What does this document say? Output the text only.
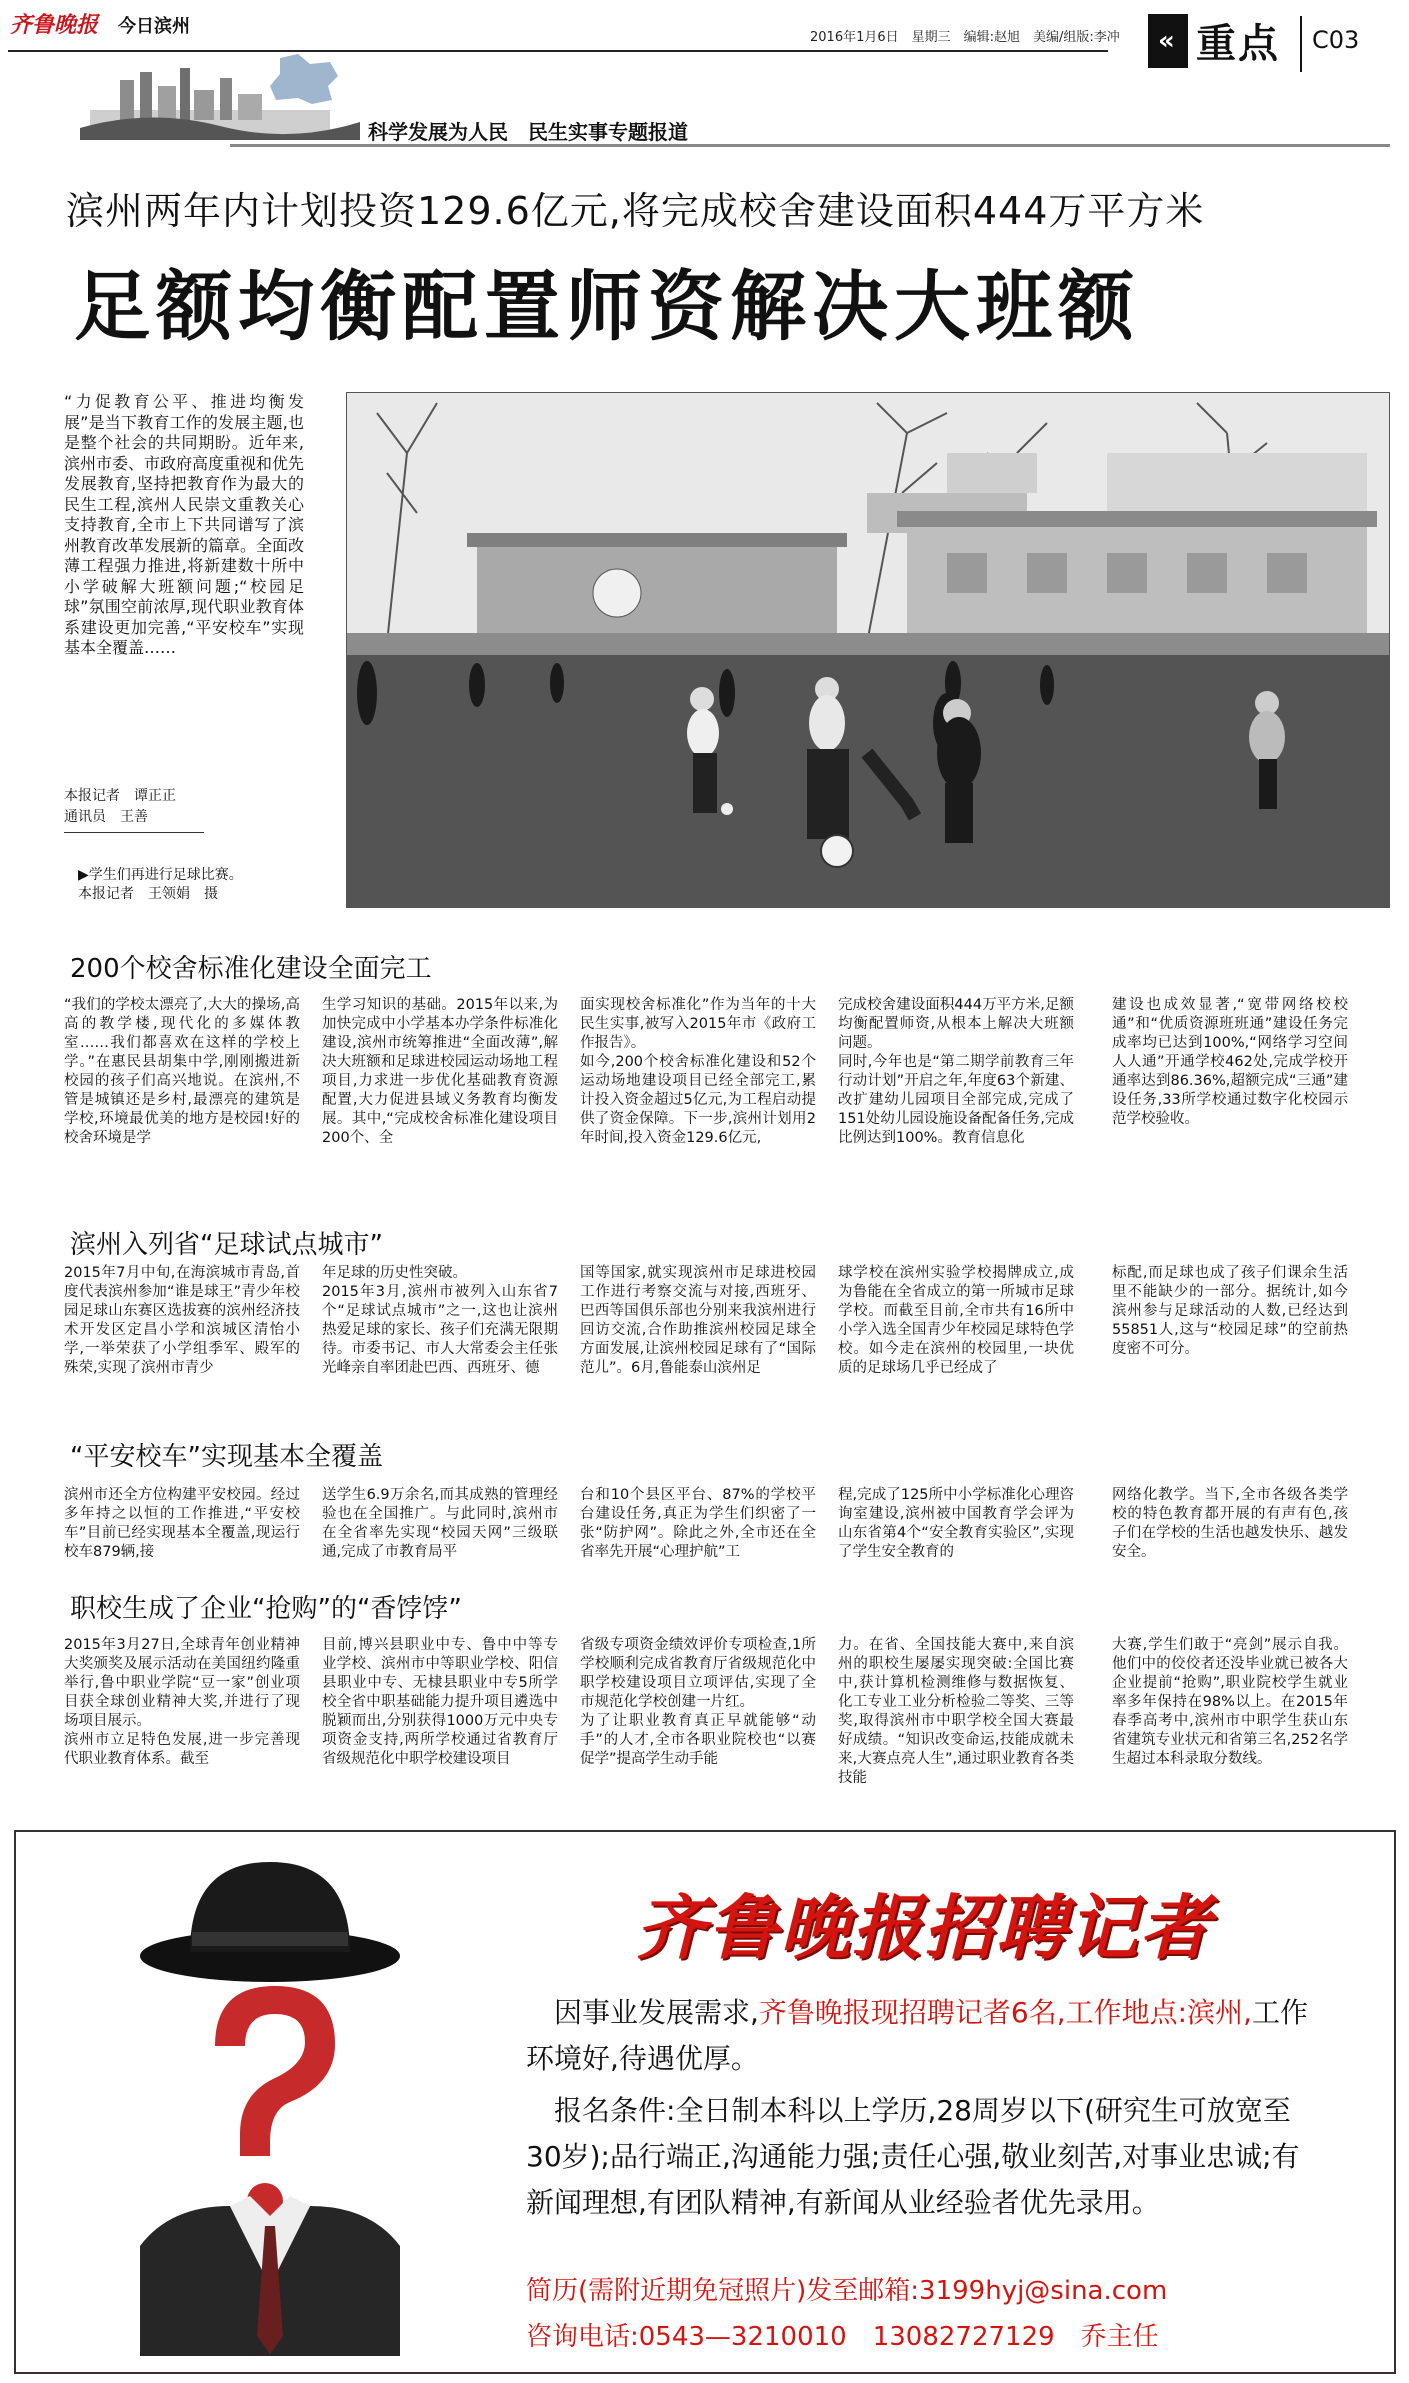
齐鲁晚报 今日滨州
2016年1月6日　星期三　编辑:赵旭　美编/组版:李冲 « 重点 C03
科学发展为人民　民生实事专题报道
滨州两年内计划投资129.6亿元,将完成校舍建设面积444万平方米
足额均衡配置师资解决大班额
“力促教育公平、推进均衡发展”是当下教育工作的发展主题,也是整个社会的共同期盼。近年来,滨州市委、市政府高度重视和优先发展教育,坚持把教育作为最大的民生工程,滨州人民崇文重教关心支持教育,全市上下共同谱写了滨州教育改革发展新的篇章。全面改薄工程强力推进,将新建数十所中小学破解大班额问题;“校园足球”氛围空前浓厚,现代职业教育体系建设更加完善,“平安校车”实现基本全覆盖……
本报记者　谭正正
通讯员　王善
▶学生们再进行足球比赛。
本报记者　王领娟　摄
200个校舍标准化建设全面完工
滨州入列省“足球试点城市”
“平安校车”实现基本全覆盖
职校生成了企业“抢购”的“香饽饽”
“我们的学校太漂亮了,大大的操场,高高的教学楼,现代化的多媒体教室……我们都喜欢在这样的学校上学。”在惠民县胡集中学,刚刚搬进新校园的孩子们高兴地说。在滨州,不管是城镇还是乡村,最漂亮的建筑是学校,环境最优美的地方是校园!好的校舍环境是学
生学习知识的基础。2015年以来,为加快完成中小学基本办学条件标准化建设,滨州市统筹推进“全面改薄”,解决大班额和足球进校园运动场地工程项目,力求进一步优化基础教育资源配置,大力促进县域义务教育均衡发展。其中,“完成校舍标准化建设项目200个、全
面实现校舍标准化”作为当年的十大民生实事,被写入2015年市《政府工作报告》。
如今,200个校舍标准化建设和52个运动场地建设项目已经全部完工,累计投入资金超过5亿元,为工程启动提供了资金保障。下一步,滨州计划用2年时间,投入资金129.6亿元,
完成校舍建设面积444万平方米,足额均衡配置师资,从根本上解决大班额问题。
同时,今年也是“第二期学前教育三年行动计划”开启之年,年度63个新建、改扩建幼儿园项目全部完成,完成了151处幼儿园设施设备配备任务,完成比例达到100%。教育信息化
建设也成效显著,“宽带网络校校通”和“优质资源班班通”建设任务完成率均已达到100%,“网络学习空间人人通”开通学校462处,完成学校开通率达到86.36%,超额完成“三通”建设任务,33所学校通过数字化校园示范学校验收。
2015年7月中旬,在海滨城市青岛,首度代表滨州参加“谁是球王”青少年校园足球山东赛区选拔赛的滨州经济技术开发区定昌小学和滨城区清怡小学,一举荣获了小学组季军、殿军的殊荣,实现了滨州市青少
年足球的历史性突破。
2015年3月,滨州市被列入山东省7个“足球试点城市”之一,这也让滨州热爱足球的家长、孩子们充满无限期待。市委书记、市人大常委会主任张光峰亲自率团赴巴西、西班牙、德
国等国家,就实现滨州市足球进校园工作进行考察交流与对接,西班牙、巴西等国俱乐部也分别来我滨州进行回访交流,合作助推滨州校园足球全方面发展,让滨州校园足球有了“国际范儿”。6月,鲁能泰山滨州足
球学校在滨州实验学校揭牌成立,成为鲁能在全省成立的第一所城市足球学校。而截至目前,全市共有16所中小学入选全国青少年校园足球特色学校。如今走在滨州的校园里,一块优质的足球场几乎已经成了
标配,而足球也成了孩子们课余生活里不能缺少的一部分。据统计,如今滨州参与足球活动的人数,已经达到55851人,这与“校园足球”的空前热度密不可分。
滨州市还全方位构建平安校园。经过多年持之以恒的工作推进,“平安校车”目前已经实现基本全覆盖,现运行校车879辆,接
送学生6.9万余名,而其成熟的管理经验也在全国推广。与此同时,滨州市在全省率先实现“校园天网”三级联通,完成了市教育局平
台和10个县区平台、87%的学校平台建设任务,真正为学生们织密了一张“防护网”。除此之外,全市还在全省率先开展“心理护航”工
程,完成了125所中小学标准化心理咨询室建设,滨州被中国教育学会评为山东省第4个“安全教育实验区”,实现了学生安全教育的
网络化教学。当下,全市各级各类学校的特色教育都开展的有声有色,孩子们在学校的生活也越发快乐、越发安全。
2015年3月27日,全球青年创业精神大奖颁奖及展示活动在美国纽约隆重举行,鲁中职业学院“豆一家”创业项目获全球创业精神大奖,并进行了现场项目展示。
滨州市立足特色发展,进一步完善现代职业教育体系。截至
目前,博兴县职业中专、鲁中中等专业学校、滨州市中等职业学校、阳信县职业中专、无棣县职业中专5所学校全省中职基础能力提升项目遴选中脱颖而出,分别获得1000万元中央专项资金支持,两所学校通过省教育厅省级规范化中职学校建设项目
省级专项资金绩效评价专项检查,1所学校顺利完成省教育厅省级规范化中职学校建设项目立项评估,实现了全市规范化学校创建一片红。
为了让职业教育真正早就能够“动手”的人才,全市各职业院校也“以赛促学”提高学生动手能
力。在省、全国技能大赛中,来自滨州的职校生屡屡实现突破:全国比赛中,获计算机检测维修与数据恢复、化工专业工业分析检验二等奖、三等奖,取得滨州市中职学校全国大赛最好成绩。“知识改变命运,技能成就未来,大赛点亮人生”,通过职业教育各类技能
大赛,学生们敢于“亮剑”展示自我。他们中的佼佼者还没毕业就已被各大企业提前“抢购”,职业院校学生就业率多年保持在98%以上。在2015年春季高考中,滨州市中职学生获山东省建筑专业状元和省第三名,252名学生超过本科录取分数线。
齐鲁晚报招聘记者
　因事业发展需求,齐鲁晚报现招聘记者6名,工作地点:滨州,工作环境好,待遇优厚。
　报名条件:全日制本科以上学历,28周岁以下(研究生可放宽至30岁);品行端正,沟通能力强;责任心强,敬业刻苦,对事业忠诚;有新闻理想,有团队精神,有新闻从业经验者优先录用。
简历(需附近期免冠照片)发至邮箱:3199hyj@sina.com
咨询电话:0543—3210010　13082727129　乔主任
